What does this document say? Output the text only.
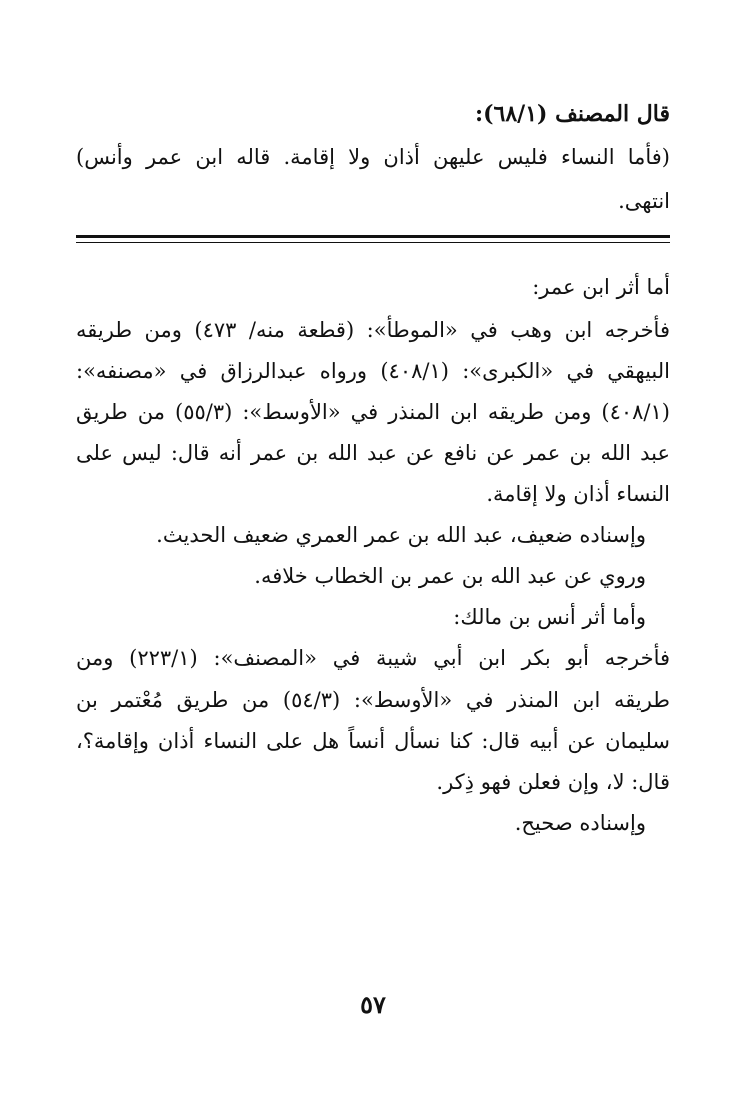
قال المصنف (٦٨/١):
(فأما النساء فليس عليهن أذان ولا إقامة. قاله ابن عمر وأنس)
انتهى.
أما أثر ابن عمر:
فأخرجه ابن وهب في «الموطأ»: (قطعة منه/ ٤٧٣) ومن طريقه
البيهقي في «الكبرى»: (٤٠٨/١) ورواه عبدالرزاق في «مصنفه»:
(٤٠٨/١) ومن طريقه ابن المنذر في «الأوسط»: (٥٥/٣) من طريق
عبد الله بن عمر عن نافع عن عبد الله بن عمر أنه قال: ليس على
النساء أذان ولا إقامة.
وإسناده ضعيف، عبد الله بن عمر العمري ضعيف الحديث.
وروي عن عبد الله بن عمر بن الخطاب خلافه.
وأما أثر أنس بن مالك:
فأخرجه أبو بكر ابن أبي شيبة في «المصنف»: (٢٢٣/١) ومن
طريقه ابن المنذر في «الأوسط»: (٥٤/٣) من طريق مُعْتمر بن
سليمان عن أبيه قال: كنا نسأل أنساً هل على النساء أذان وإقامة؟،
قال: لا، وإن فعلن فهو ذِكر.
وإسناده صحيح.
٥٧
